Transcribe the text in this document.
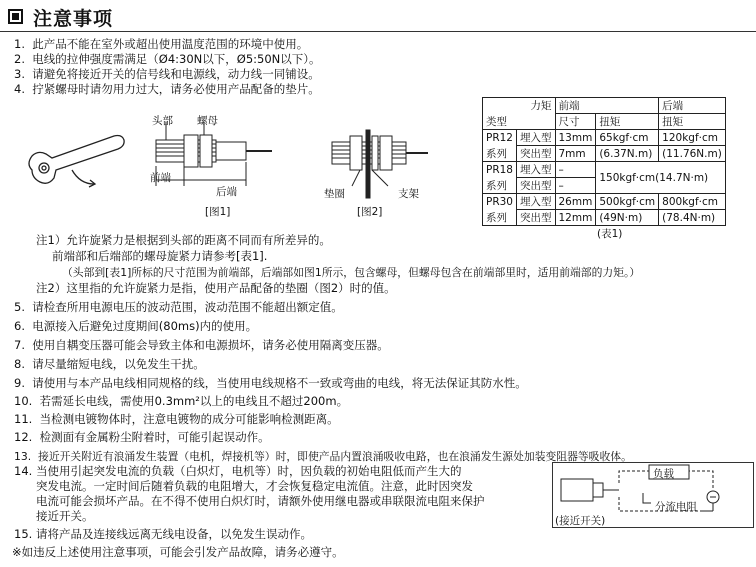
注意事项
1. 此产品不能在室外或超出使用温度范围的环境中使用。
2. 电线的拉伸强度需满足（Ø4:30N以下，Ø5:50N以下）。
3. 请避免将接近开关的信号线和电源线，动力线一同铺设。
4. 拧紧螺母时请勿用力过大，请务必使用产品配备的垫片。
头部 螺母
前端
后端
[图1]
垫圈	支架
[图2]
力矩		前端		后端
类型		尺寸	扭矩	扭矩
PR12	埋入型	13mm	65kgf·cm	120kgf·cm
系列	突出型	7mm	(6.37N.m)	(11.76N.m)
PR18	埋入型	–	150kgf·cm(14.7N·m)	
系列	突出型	–		
PR30	埋入型	26mm	500kgf·cm	800kgf·cm
系列	突出型	12mm	(49N·m)	(78.4N·m)
(表1)
注1）允许旋紧力是根据到头部的距离不同而有所差异的。
前端部和后端部的螺母旋紧力请参考[表1].
（头部到[表1]所标的尺寸范围为前端部，后端部如图1所示，包含螺母，但螺母包含在前端部里时，适用前端部的力矩。）
注2）这里指的允许旋紧力是指，使用产品配备的垫圈（图2）时的值。
5. 请检查所用电源电压的波动范围，波动范围不能超出额定值。
6. 电源接入后避免过度期间(80ms)内的使用。
7. 使用自耦变压器可能会导致主体和电源损坏，请务必使用隔离变压器。
8. 请尽量缩短电线，以免发生干扰。
9. 请使用与本产品电线相同规格的线，当使用电线规格不一致或弯曲的电线，将无法保证其防水性。
10. 若需延长电线，需使用0.3mm²以上的电线且不超过200m。
11. 当检测电镀物体时，注意电镀物的成分可能影响检测距离。
12. 检测面有金属粉尘附着时，可能引起误动作。
13. 接近开关附近有浪涌发生装置（电机，焊接机等）时，即使产品内置浪涌吸收电路，也在浪涌发生源处加装变阻器等吸收体。
14. 当使用引起突发电流的负载（白炽灯，电机等）时，因负载的初始电阻低而产生大的
突发电流。一定时间后随着负载的电阻增大，才会恢复稳定电流值。注意，此时因突发
电流可能会损坏产品。在不得不使用白炽灯时，请额外使用继电器或串联限流电阻来保护
接近开关。
负载
分流电阻
(接近开关)
15. 请将产品及连接线远离无线电设备，以免发生误动作。
※如违反上述使用注意事项，可能会引发产品故障，请务必遵守。
